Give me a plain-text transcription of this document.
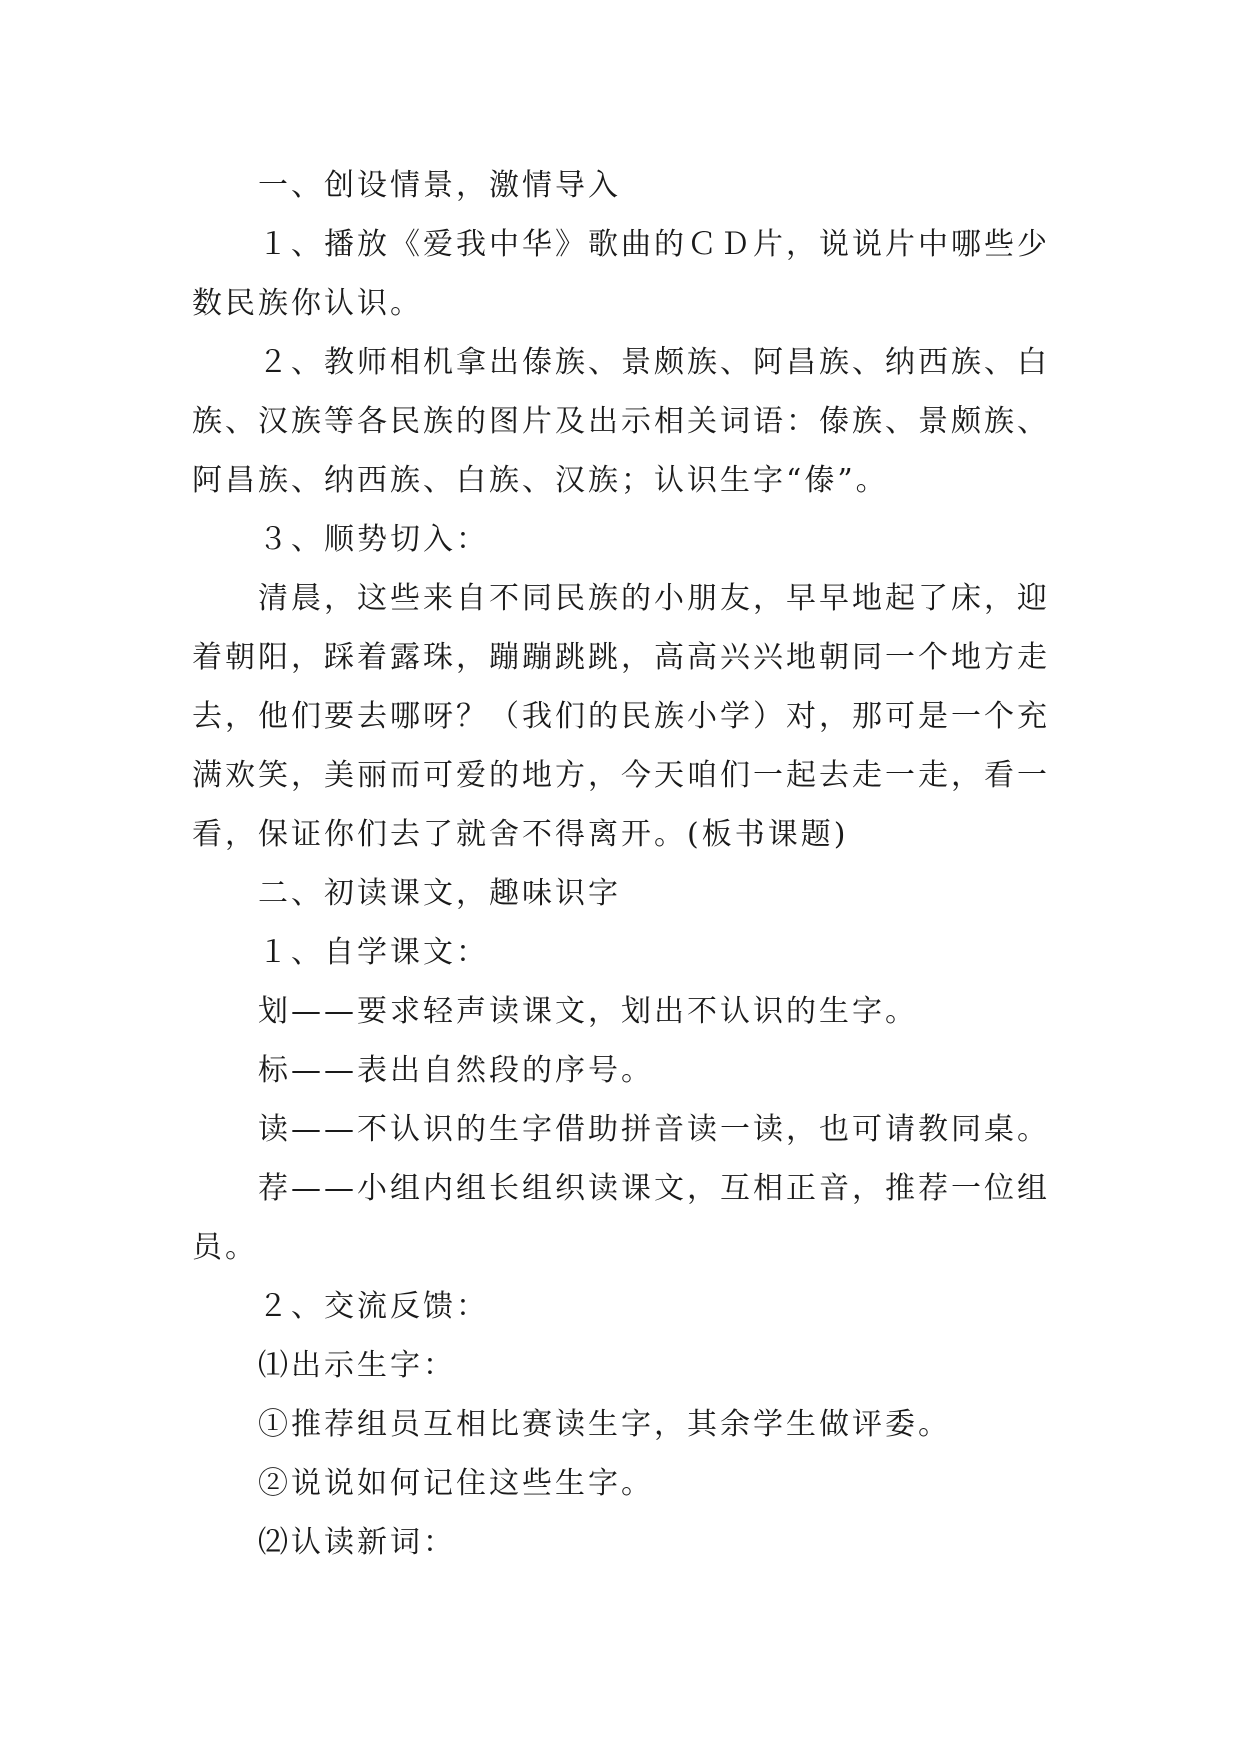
一、创设情景，激情导入
１、播放《爱我中华》歌曲的ＣＤ片，说说片中哪些少
数民族你认识。
２、教师相机拿出傣族、景颇族、阿昌族、纳西族、白
族、汉族等各民族的图片及出示相关词语：傣族、景颇族、
阿昌族、纳西族、白族、汉族；认识生字“傣”。
３、顺势切入：
清晨，这些来自不同民族的小朋友，早早地起了床，迎
着朝阳，踩着露珠，蹦蹦跳跳，高高兴兴地朝同一个地方走
去，他们要去哪呀？（我们的民族小学）对，那可是一个充
满欢笑，美丽而可爱的地方，今天咱们一起去走一走，看一
看，保证你们去了就舍不得离开。(板书课题)
二、初读课文，趣味识字
１、自学课文：
划——要求轻声读课文，划出不认识的生字。
标——表出自然段的序号。
读——不认识的生字借助拼音读一读，也可请教同桌。
荐——小组内组长组织读课文，互相正音，推荐一位组
员。
２、交流反馈：
⑴出示生字：
①推荐组员互相比赛读生字，其余学生做评委。
②说说如何记住这些生字。
⑵认读新词：
